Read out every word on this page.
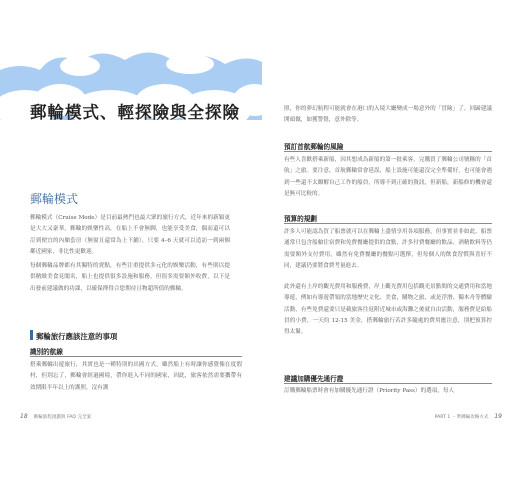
郵輪模式、輕探險與全探險
郵輪模式

郵輪模式（Cruise Mode）是目前最熱門也最大眾的旅行方式，近年來的新穎更是大大又豪華，郵輪的娛樂性高，在船上不會無聊，也能享受美食，偶而還可以訂到便宜的內艙套房（無窗且還常為上下鋪），只要 4–6 天就可以造訪一到兩個鄰近國家，非比性更歡迎。

每個郵輪品牌都有其獨特的賣點，有些注重提供多元化的娛樂活動，有些則以提供精緻美食見聞名，船上也提供很多設施和服務，但很多需要額外收費，以下是出發前建議做的功課，以確保擇得合您期待且物超所值的郵輪。

郵輪旅行應該注意的事項
識別的航線

搭乘郵輪出遊旅行，其實也是一種特別的出國方式，雖然船上有時讓你感覺像在度假村，但別忘了，郵輪會經過國境，帶你進入不同的國家，因此，旅客依然需要攜帶有效期限半年以上的護照，沒有護

18 郵輪旅程規劃與 FAQ 完全案

照，你的夢幻航程可能就會在港口的入境大廳變成一場意外的「冒險」了。回歸建議開頭做，如獲警覺，意外除等。

預訂首航郵輪的風險

有些人喜歡搭乘新船，因其想成為新船的第一批乘客，完購買了郵輪公司號稱的「首航」之旅。要注意，首航郵輪常會延誤，船上設施可能還沒完全準備好，也可能會遇到一些還不太瞭解自己工作的船員，所導不到正確的資訊，但新船，新船修的機會還是無可比較的。

預算的規劃

許多人可能認為買了船票就可以在郵輪上盡情享用各項服務，但事實並非如此，船票通常只包含船艙住宿費和免費餐廳提供的食點，許多付費餐廳的飲品、酒精飲料等仍需要額外支付費用，雖然有免費餐廳的餐點可選擇，但每個人的飲食習慣與喜好不同，建議仍要將食費考量進去。

此外還有上岸的觀光費用和服務費，岸上觀光費用包括觀光景點間的交通費用和當地導遊，例如有導遊帶領的當地歷史文化、美食，購物之旅，或是浮潛、獨木舟等體驗活動，有些免費還要只是載旅客往返附近城市或海灘之後就自由活動，服務費是給船員的小費，一天約 12-15 美金，搭郵輪旅行若許多隨處的費用應注意，別把預算控得太緊。

建議加購優先通行證

訂購郵輪船票時會有加購優先通行證（Priority Pass）的選項，每人

PART 1 ・準郵輪攻略方式 19
